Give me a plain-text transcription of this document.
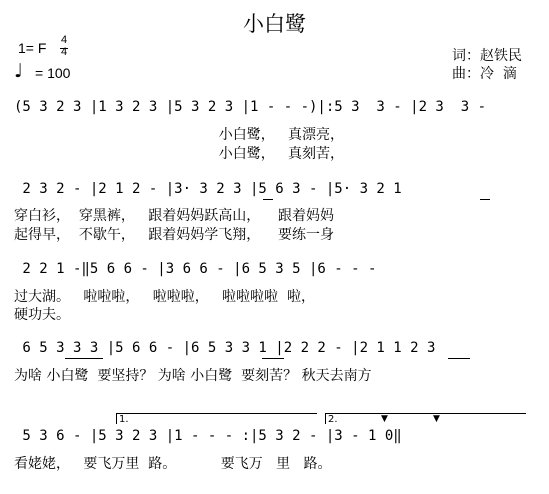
小白鹭
1= F 4
4
♩ = 100
词：赵铁民
曲：冷  滴
(5 3 2 3 |1 3 2 3 |5 3 2 3 |1 - - -)|:5 3  3 - |2 3  3 -
小白鹭，   真漂亮，
小白鹭，   真刻苦，
2 3 2 - |2 1 2 - |3· 3 2 3 |5 6 3 - |5· 3 2 1
穿白衫，  穿黑裤，   跟着妈妈跃高山，    跟着妈妈
起得早，  不歇午，   跟着妈妈学飞翔，    要练一身
2 2 1 -‖5 6 6 - |3 6 6 - |6 5 3 5 |6 - - -
过大湖。   啦啦啦，   啦啦啦，   啦啦啦啦  啦，
硬功夫。
6 5 3 3 3 |5 6 6 - |6 5 3 3 1 |2 2 2 - |2 1 1 2 3
为啥 小白鹭  要坚持？ 为啥 小白鹭  要刻苦？ 秋天去南方
1.	2.	▼	▼
5 3 6 - |5 3 2 3 |1 - - - :|5 3 2 - |3 - 1 0‖
看姥姥，   要飞万里  路。          要飞万   里   路。
